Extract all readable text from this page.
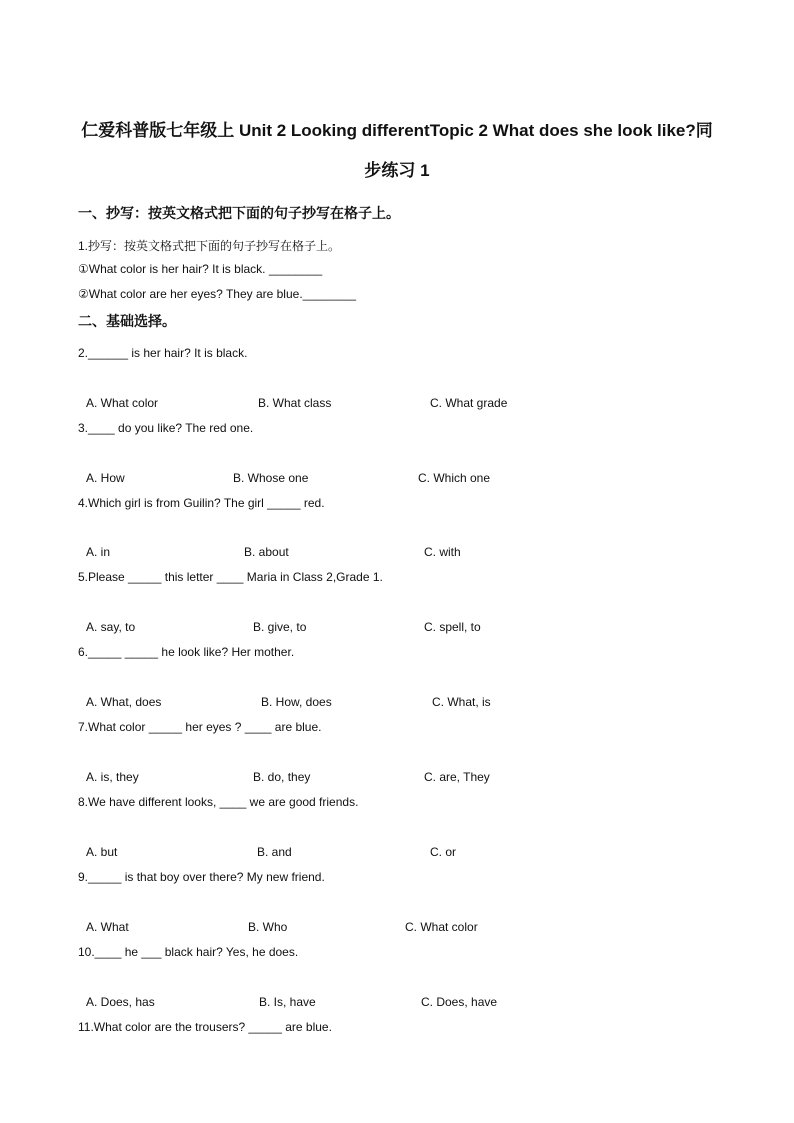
仁爱科普版七年级上 Unit 2 Looking differentTopic 2 What does she look like?同
步练习 1
一、抄写：按英文格式把下面的句子抄写在格子上。
1.抄写：按英文格式把下面的句子抄写在格子上。
①What color is her hair? It is black. ________
②What color are her eyes? They are blue.________
二、基础选择。
2.______ is her hair? It is black.
A. What color	B. What class	C. What grade
3.____ do you like? The red one.
A. How	B. Whose one	C. Which one
4.Which girl is from Guilin? The girl _____ red.
A. in	B. about	C. with
5.Please _____ this letter ____ Maria in Class 2,Grade 1.
A. say, to	B. give, to	C. spell, to
6._____ _____ he look like? Her mother.
A. What, does	B. How, does	C. What, is
7.What color _____ her eyes ? ____ are blue.
A. is, they	B. do, they	C. are, They
8.We have different looks, ____ we are good friends.
A. but	B. and	C. or
9._____ is that boy over there? My new friend.
A. What	B. Who	C. What color
10.____ he ___ black hair? Yes, he does.
A. Does, has	B. Is, have	C. Does, have
11.What color are the trousers? _____ are blue.
